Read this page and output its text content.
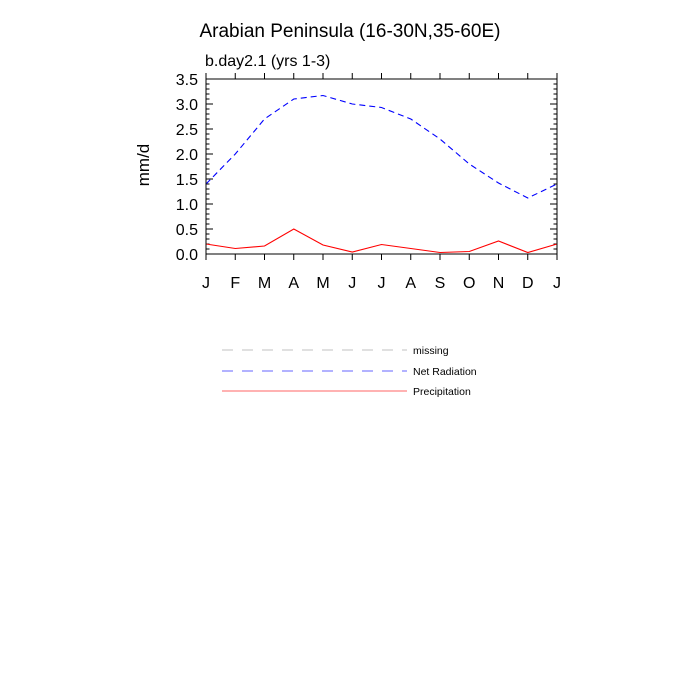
Arabian Peninsula (16-30N,35-60E)
b.day2.1 (yrs 1-3)
mm/d
0.0
0.5
1.0
1.5
2.0
2.5
3.0
3.5
J F M A M J J A S O N D J
missing
Net Radiation
Precipitation
